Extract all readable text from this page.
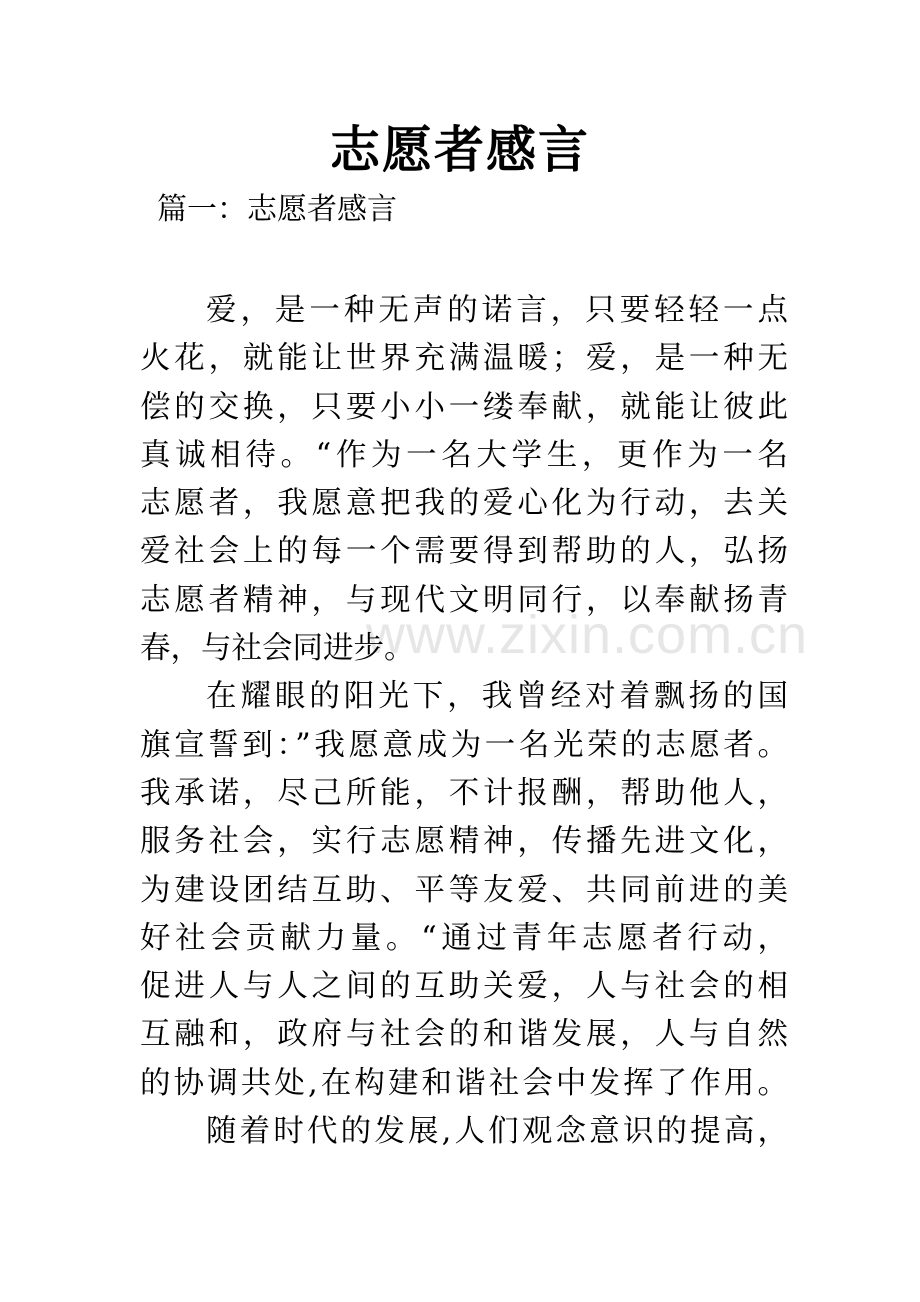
www.zixin.com.cn
志愿者感言
篇一：志愿者感言
爱，是一种无声的诺言，只要轻轻一点
火花，就能让世界充满温暖；爱，是一种无
偿的交换，只要小小一缕奉献，就能让彼此
真诚相待。“作为一名大学生，更作为一名
志愿者，我愿意把我的爱心化为行动，去关
爱社会上的每一个需要得到帮助的人，弘扬
志愿者精神，与现代文明同行，以奉献扬青
春，与社会同进步。
在耀眼的阳光下，我曾经对着飘扬的国
旗宣誓到：”我愿意成为一名光荣的志愿者。
我承诺，尽己所能，不计报酬，帮助他人，
服务社会，实行志愿精神，传播先进文化，
为建设团结互助、平等友爱、共同前进的美
好社会贡献力量。“通过青年志愿者行动，
促进人与人之间的互助关爱，人与社会的相
互融和，政府与社会的和谐发展，人与自然
的协调共处,在构建和谐社会中发挥了作用。
随着时代的发展,人们观念意识的提高，
